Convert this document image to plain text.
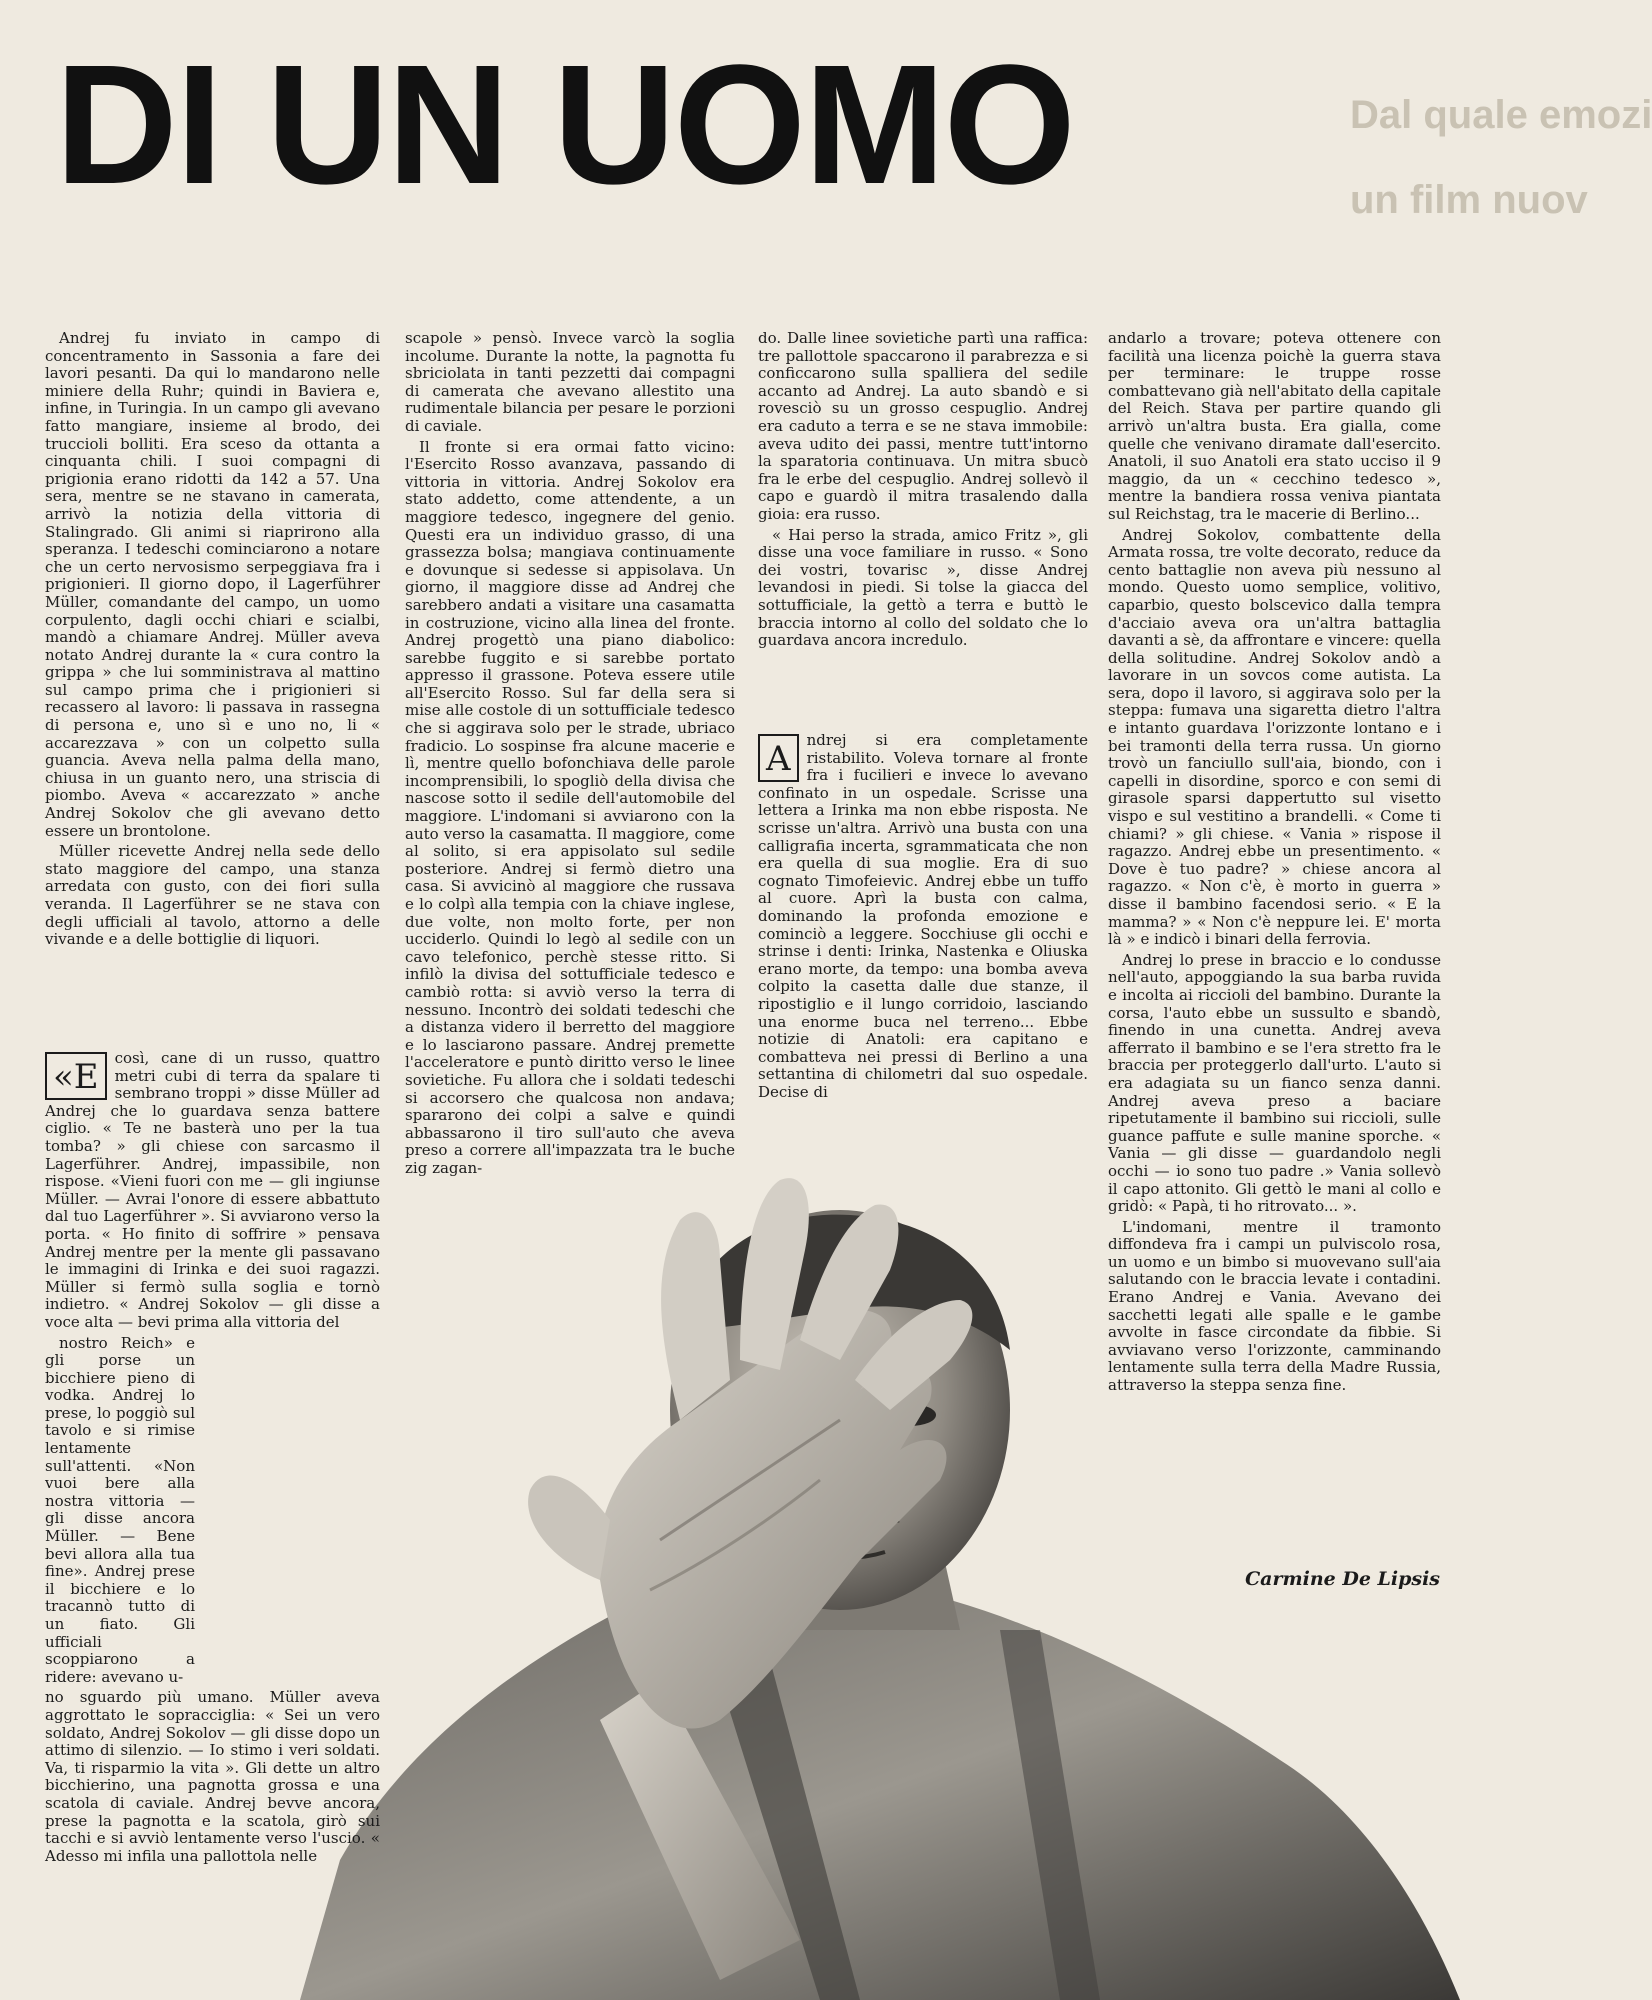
DI UN UOMO	Dal quale emozi
un film nuov

Andrej fu inviato in campo di concentramento in Sassonia a fare dei lavori pesanti. Da qui lo mandarono nelle miniere della Ruhr; quindi in Baviera e, infine, in Turingia. In un campo gli avevano fatto mangiare, insieme al brodo, dei truccioli bolliti. Era sceso da ottanta a cinquanta chili. I suoi compagni di prigionia erano ridotti da 142 a 57. Una sera, mentre se ne stavano in camerata, arrivò la notizia della vittoria di Stalingrado. Gli animi si riaprirono alla speranza. I tedeschi cominciarono a notare che un certo nervosismo serpeggiava fra i prigionieri. Il giorno dopo, il Lagerführer Müller, comandante del campo, un uomo corpulento, dagli occhi chiari e scialbi, mandò a chiamare Andrej. Müller aveva notato Andrej durante la « cura contro la grippa » che lui somministrava al mattino sul campo prima che i prigionieri si recassero al lavoro: li passava in rassegna di persona e, uno sì e uno no, li « accarezzava » con un colpetto sulla guancia. Aveva nella palma della mano, chiusa in un guanto nero, una striscia di piombo. Aveva « accarezzato » anche Andrej Sokolov che gli avevano detto essere un brontolone.

Müller ricevette Andrej nella sede dello stato maggiore del campo, una stanza arredata con gusto, con dei fiori sulla veranda. Il Lagerführer se ne stava con degli ufficiali al tavolo, attorno a delle vivande e a delle bottiglie di liquori.

«E	così, cane di un russo, quattro metri cubi di terra da spalare ti sembrano troppi » disse Müller ad Andrej che lo guardava senza battere ciglio. « Te ne basterà uno per la tua tomba? » gli chiese con sarcasmo il Lagerführer. Andrej, impassibile, non rispose. «Vieni fuori con me — gli ingiunse Müller. — Avrai l'onore di essere abbattuto dal tuo Lagerführer ». Si avviarono verso la porta. « Ho finito di soffrire » pensava Andrej mentre per la mente gli passavano le immagini di Irinka e dei suoi ragazzi. Müller si fermò sulla soglia e tornò indietro. « Andrej Sokolov — gli disse a voce alta — bevi prima alla vittoria del

nostro Reich» e gli porse un bicchiere pieno di vodka. Andrej lo prese, lo poggiò sul tavolo e si rimise lentamente sull'attenti. «Non vuoi bere alla nostra vittoria — gli disse ancora Müller. — Bene bevi allora alla tua fine». Andrej prese il bicchiere e lo tracannò tutto di un fiato. Gli ufficiali scoppiarono a ridere: avevano u-

no sguardo più umano. Müller aveva aggrottato le sopracciglia: « Sei un vero soldato, Andrej Sokolov — gli disse dopo un attimo di silenzio. — Io stimo i veri soldati. Va, ti risparmio la vita ». Gli dette un altro bicchierino, una pagnotta grossa e una scatola di caviale. Andrej bevve ancora, prese la pagnotta e la scatola, girò sui tacchi e si avviò lentamente verso l'uscio. « Adesso mi infila una pallottola nelle

scapole » pensò. Invece varcò la soglia incolume. Durante la notte, la pagnotta fu sbriciolata in tanti pezzetti dai compagni di camerata che avevano allestito una rudimentale bilancia per pesare le porzioni di caviale.

Il fronte si era ormai fatto vicino: l'Esercito Rosso avanzava, passando di vittoria in vittoria. Andrej Sokolov era stato addetto, come attendente, a un maggiore tedesco, ingegnere del genio. Questi era un individuo grasso, di una grassezza bolsa; mangiava continuamente e dovunque si sedesse si appisolava. Un giorno, il maggiore disse ad Andrej che sarebbero andati a visitare una casamatta in costruzione, vicino alla linea del fronte. Andrej progettò una piano diabolico: sarebbe fuggito e si sarebbe portato appresso il grassone. Poteva essere utile all'Esercito Rosso. Sul far della sera si mise alle costole di un sottufficiale tedesco che si aggirava solo per le strade, ubriaco fradicio. Lo sospinse fra alcune macerie e lì, mentre quello bofonchiava delle parole incomprensibili, lo spogliò della divisa che nascose sotto il sedile dell'automobile del maggiore. L'indomani si avviarono con la auto verso la casamatta. Il maggiore, come al solito, si era appisolato sul sedile posteriore. Andrej si fermò dietro una casa. Si avvicinò al maggiore che russava e lo colpì alla tempia con la chiave inglese, due volte, non molto forte, per non ucciderlo. Quindi lo legò al sedile con un cavo telefonico, perchè stesse ritto. Si infilò la divisa del sottufficiale tedesco e cambiò rotta: si avviò verso la terra di nessuno. Incontrò dei soldati tedeschi che a distanza videro il berretto del maggiore e lo lasciarono passare. Andrej premette l'acceleratore e puntò diritto verso le linee sovietiche. Fu allora che i soldati tedeschi si accorsero che qualcosa non andava; spararono dei colpi a salve e quindi abbassarono il tiro sull'auto che aveva preso a correre all'impazzata tra le buche zig zagan-

do. Dalle linee sovietiche partì una raffica: tre pallottole spaccarono il parabrezza e si conficcarono sulla spalliera del sedile accanto ad Andrej. La auto sbandò e si rovesciò su un grosso cespuglio. Andrej era caduto a terra e se ne stava immobile: aveva udito dei passi, mentre tutt'intorno la sparatoria continuava. Un mitra sbucò fra le erbe del cespuglio. Andrej sollevò il capo e guardò il mitra trasalendo dalla gioia: era russo.

« Hai perso la strada, amico Fritz », gli disse una voce familiare in russo. « Sono dei vostri, tovarisc », disse Andrej levandosi in piedi. Si tolse la giacca del sottufficiale, la gettò a terra e buttò le braccia intorno al collo del soldato che lo guardava ancora incredulo.

A	ndrej si era completamente ristabilito. Voleva tornare al fronte fra i fucilieri e invece lo avevano confinato in un ospedale. Scrisse una lettera a Irinka ma non ebbe risposta. Ne scrisse un'altra. Arrivò una busta con una calligrafia incerta, sgrammaticata che non era quella di sua moglie. Era di suo cognato Timofeievic. Andrej ebbe un tuffo al cuore. Aprì la busta con calma, dominando la profonda emozione e cominciò a leggere. Socchiuse gli occhi e strinse i denti: Irinka, Nastenka e Oliuska erano morte, da tempo: una bomba aveva colpito la casetta dalle due stanze, il ripostiglio e il lungo corridoio, lasciando una enorme buca nel terreno... Ebbe notizie di Anatoli: era capitano e combatteva nei pressi di Berlino a una settantina di chilometri dal suo ospedale. Decise di

andarlo a trovare; poteva ottenere con facilità una licenza poichè la guerra stava per terminare: le truppe rosse combattevano già nell'abitato della capitale del Reich. Stava per partire quando gli arrivò un'altra busta. Era gialla, come quelle che venivano diramate dall'esercito. Anatoli, il suo Anatoli era stato ucciso il 9 maggio, da un « cecchino tedesco », mentre la bandiera rossa veniva piantata sul Reichstag, tra le macerie di Berlino...

Andrej Sokolov, combattente della Armata rossa, tre volte decorato, reduce da cento battaglie non aveva più nessuno al mondo. Questo uomo semplice, volitivo, caparbio, questo bolscevico dalla tempra d'acciaio aveva ora un'altra battaglia davanti a sè, da affrontare e vincere: quella della solitudine. Andrej Sokolov andò a lavorare in un sovcos come autista. La sera, dopo il lavoro, si aggirava solo per la steppa: fumava una sigaretta dietro l'altra e intanto guardava l'orizzonte lontano e i bei tramonti della terra russa. Un giorno trovò un fanciullo sull'aia, biondo, con i capelli in disordine, sporco e con semi di girasole sparsi dappertutto sul visetto vispo e sul vestitino a brandelli. « Come ti chiami? » gli chiese. « Vania » rispose il ragazzo. Andrej ebbe un presentimento. « Dove è tuo padre? » chiese ancora al ragazzo. « Non c'è, è morto in guerra » disse il bambino facendosi serio. « E la mamma? » « Non c'è neppure lei. E' morta là » e indicò i binari della ferrovia.

Andrej lo prese in braccio e lo condusse nell'auto, appoggiando la sua barba ruvida e incolta ai riccioli del bambino. Durante la corsa, l'auto ebbe un sussulto e sbandò, finendo in una cunetta. Andrej aveva afferrato il bambino e se l'era stretto fra le braccia per proteggerlo dall'urto. L'auto si era adagiata su un fianco senza danni. Andrej aveva preso a baciare ripetutamente il bambino sui riccioli, sulle guance paffute e sulle manine sporche. « Vania — gli disse — guardandolo negli occhi — io sono tuo padre .» Vania sollevò il capo attonito. Gli gettò le mani al collo e gridò: « Papà, ti ho ritrovato... ».

L'indomani, mentre il tramonto diffondeva fra i campi un pulviscolo rosa, un uomo e un bimbo si muovevano sull'aia salutando con le braccia levate i contadini. Erano Andrej e Vania. Avevano dei sacchetti legati alle spalle e le gambe avvolte in fasce circondate da fibbie. Si avviavano verso l'orizzonte, camminando lentamente sulla terra della Madre Russia, attraverso la steppa senza fine.

Carmine De Lipsis
